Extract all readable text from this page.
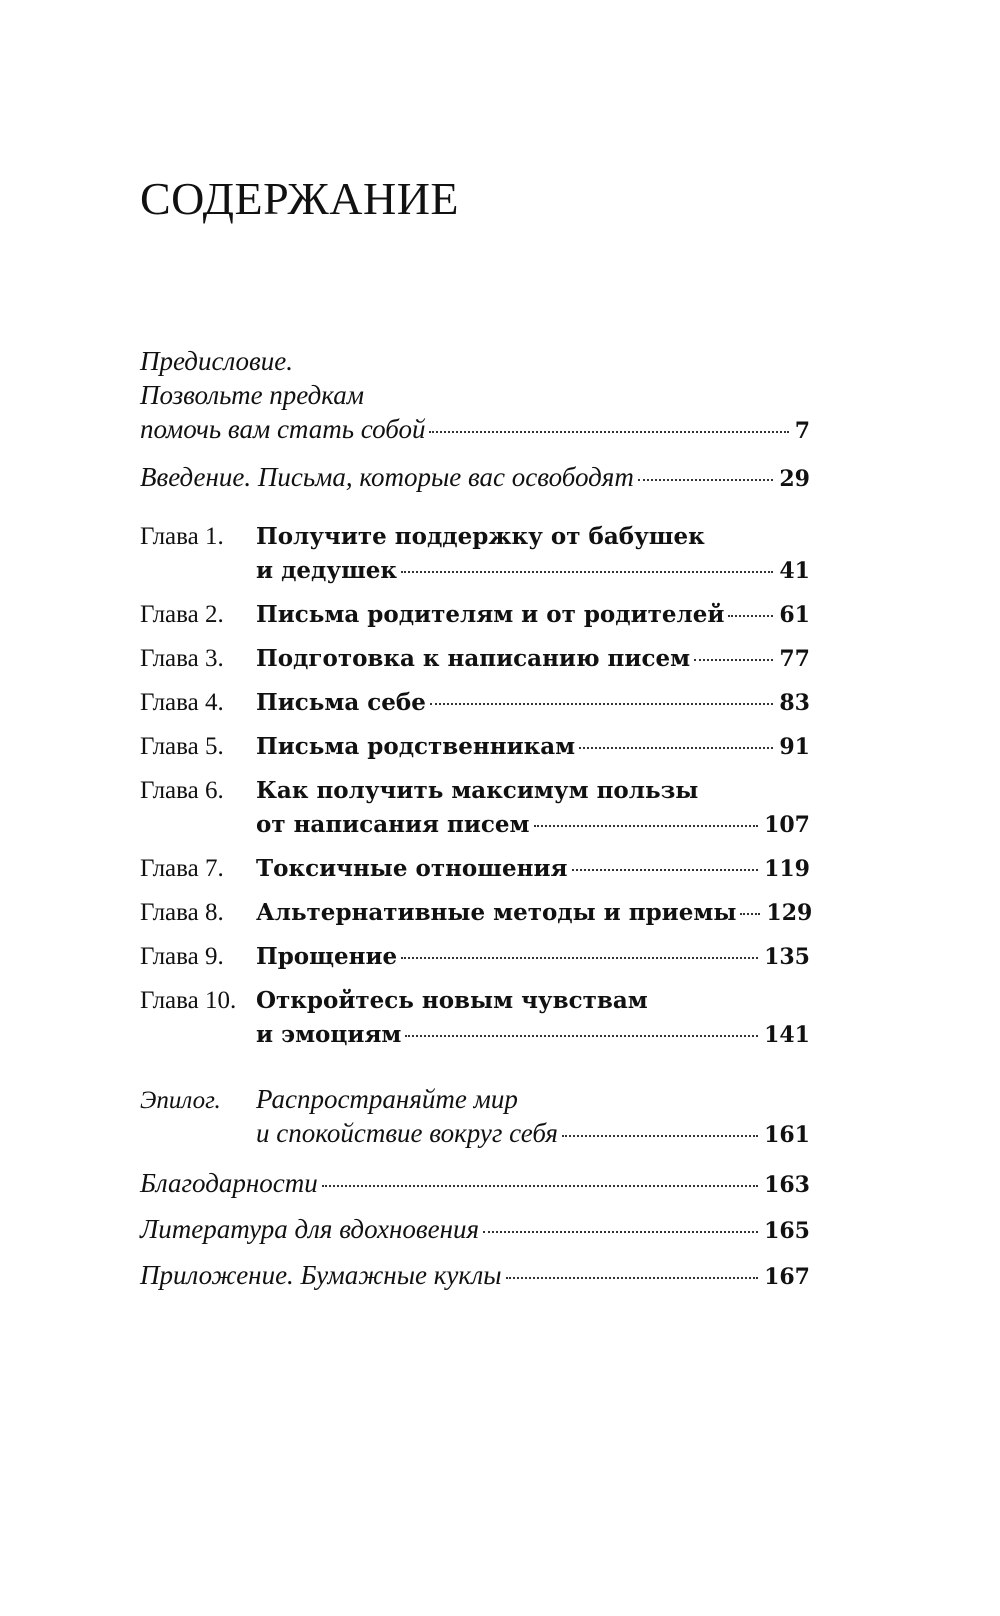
СОДЕРЖАНИЕ
Предисловие.
Позвольте предкам
помочь вам стать собой	7
Введение. Письма, которые вас освободят	29
Глава 1.	Получите поддержку от бабушек
и дедушек	41
Глава 2.	Письма родителям и от родителей 61
Глава 3.	Подготовка к написанию писем	77
Глава 4.	Письма себе	83
Глава 5.	Письма родственникам	91
Глава 6.	Как получить максимум пользы
от написания писем	107
Глава 7.	Токсичные отношения	119
Глава 8.	Альтернативные методы и приемы 129
Глава 9.	Прощение	135
Глава 10. Откройтесь новым чувствам
и эмоциям	141
Эпилог.	Распространяйте мир
и спокойствие вокруг себя	161
Благодарности	163
Литература для вдохновения	165
Приложение. Бумажные куклы	167
